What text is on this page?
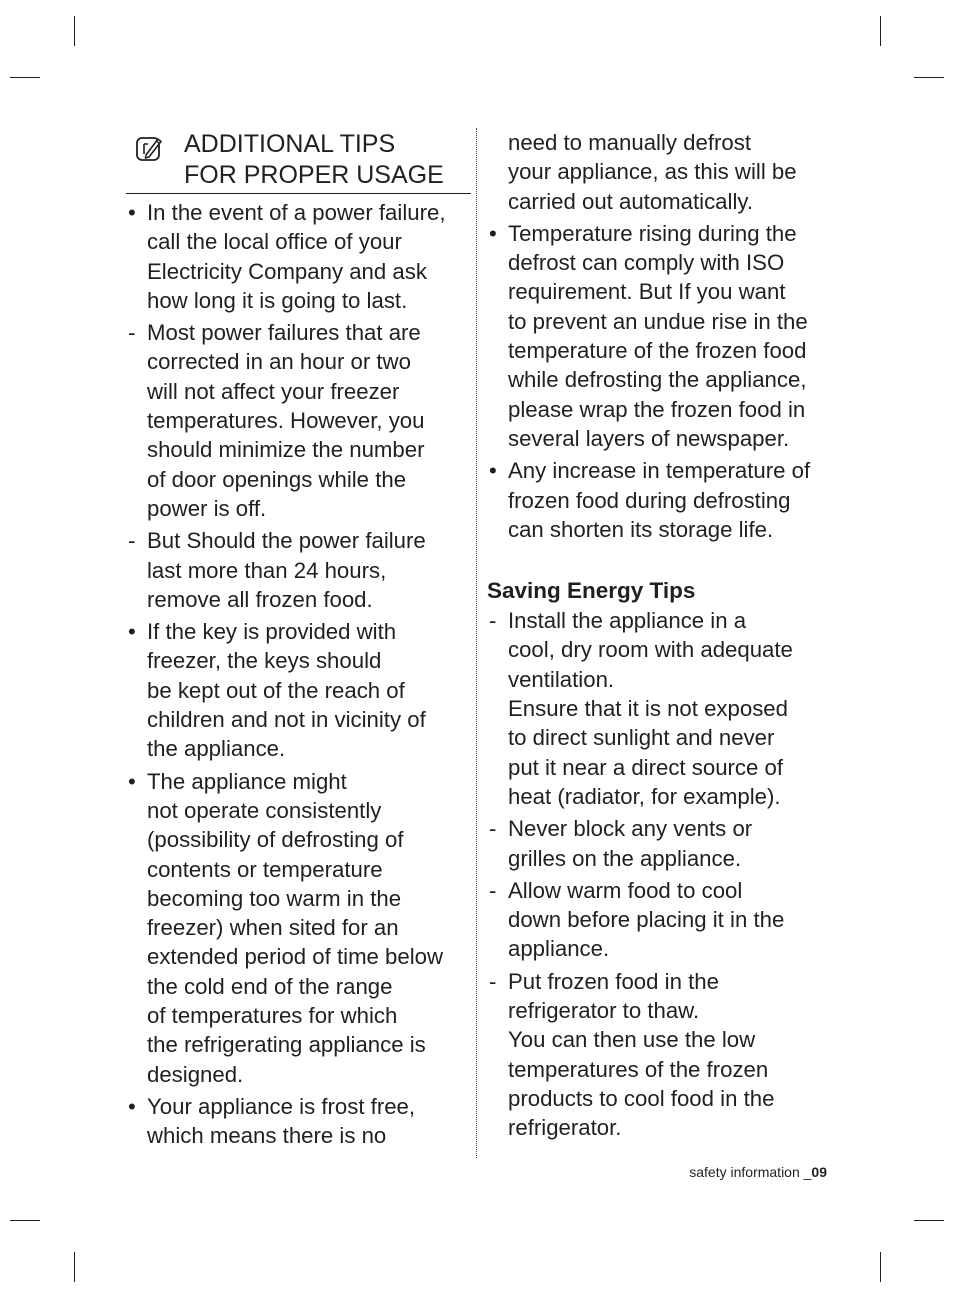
ADDITIONAL TIPS
FOR PROPER USAGE
•
In the event of a power failure,
call the local office of your
Electricity Company and ask
how long it is going to last.
-
Most power failures that are
corrected in an hour or two
will not affect your freezer
temperatures. However, you
should minimize the number
of door openings while the
power is off.
-
But Should the power failure
last more than 24 hours,
remove all frozen food.
•
If the key is provided with
freezer, the keys should
be kept out of the reach of
children and not in vicinity of
the appliance.
•
The appliance might
not operate consistently
(possibility of defrosting of
contents or temperature
becoming too warm in the
freezer) when sited for an
extended period of time below
the cold end of the range
of temperatures for which
the refrigerating appliance is
designed.
•
Your appliance is frost free,
which means there is no
need to manually defrost
your appliance, as this will be
carried out automatically.
•
Temperature rising during the
defrost can comply with ISO
requirement. But If you want
to prevent an undue rise in the
temperature of the frozen food
while defrosting the appliance,
please wrap the frozen food in
several layers of newspaper.
•
Any increase in temperature of
frozen food during defrosting
can shorten its storage life.
Saving Energy Tips
-
Install the appliance in a
cool, dry room with adequate
ventilation.
Ensure that it is not exposed
to direct sunlight and never
put it near a direct source of
heat (radiator, for example).
-
Never block any vents or
grilles on the appliance.
-
Allow warm food to cool
down before placing it in the
appliance.
-
Put frozen food in the
refrigerator to thaw.
You can then use the low
temperatures of the frozen
products to cool food in the
refrigerator.
safety information _09
